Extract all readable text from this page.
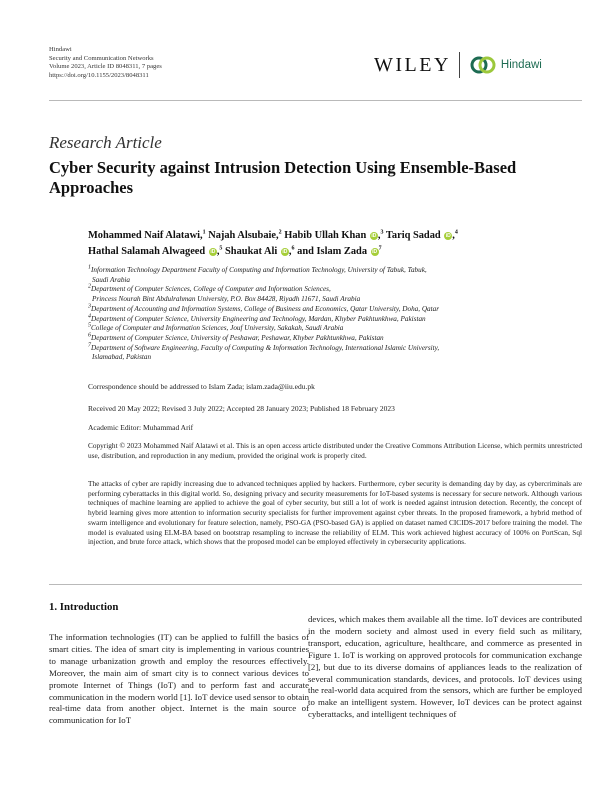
Hindawi
Security and Communication Networks
Volume 2023, Article ID 8048311, 7 pages
https://doi.org/10.1155/2023/8048311	WILEY	Hindawi
Research Article
Cyber Security against Intrusion Detection Using Ensemble-Based Approaches
Mohammed Naif Alatawi,$^1$ Najah Alsubaie,$^2$ Habib Ullah Khan iD ,$^3$ Tariq Sadad iD ,$^4$
Hathal Salamah Alwageed iD ,$^5$ Shaukat Ali iD ,$^6$ and Islam Zada $iD^7$
$^1$Information Technology Department Faculty of Computing and Information Technology, University of Tabuk, Tabuk,
Saudi Arabia
$^2$Department of Computer Sciences, College of Computer and Information Sciences,
Princess Nourah Bint Abdulrahman University, P.O. Box 84428, Riyadh 11671, Saudi Arabia
$^3$Department of Accounting and Information Systems, College of Business and Economics, Qatar University, Doha, Qatar
$^4$Department of Computer Science, University Engineering and Technology, Mardan, Khyber Pakhtunkhwa, Pakistan
$^5$College of Computer and Information Sciences, Jouf University, Sakakah, Saudi Arabia
$^6$Department of Computer Science, University of Peshawar, Peshawar, Khyber Pakhtunkhwa, Pakistan
$^7$Department of Software Engineering, Faculty of Computing & Information Technology, International Islamic University,
Islamabad, Pakistan
Correspondence should be addressed to Islam Zada; islam.zada@iiu.edu.pk
Received 20 May 2022; Revised 3 July 2022; Accepted 28 January 2023; Published 18 February 2023
Academic Editor: Muhammad Arif
Copyright © 2023 Mohammed Naif Alatawi et al. This is an open access article distributed under the Creative Commons Attribution License, which permits unrestricted use, distribution, and reproduction in any medium, provided the original work is properly cited.
The attacks of cyber are rapidly increasing due to advanced techniques applied by hackers. Furthermore, cyber security is demanding day by day, as cybercriminals are performing cyberattacks in this digital world. So, designing privacy and security measurements for IoT-based systems is necessary for secure network. Although various techniques of machine learning are applied to achieve the goal of cyber security, but still a lot of work is needed against intrusion detection. Recently, the concept of hybrid learning gives more attention to information security specialists for further improvement against cyber threats. In the proposed framework, a hybrid method of swarm intelligence and evolutionary for feature selection, namely, PSO-GA (PSO-based GA) is applied on dataset named CICIDS-2017 before training the model. The model is evaluated using ELM-BA based on bootstrap resampling to increase the reliability of ELM. This work achieved highest accuracy of 100% on PortScan, Sql injection, and brute force attack, which shows that the proposed model can be employed effectively in cybersecurity applications.
1. Introduction
The information technologies (IT) can be applied to fulfill the basics of smart cities. The idea of smart city is implementing in various countries to manage urbanization growth and employ the resources effectively. Moreover, the main aim of smart city is to connect various devices to promote Internet of Things (IoT) and to perform fast and accurate communication in the modern world [1]. IoT device used sensor to obtain real-time data from another object. Internet is the main source of communication for IoT
devices, which makes them available all the time. IoT devices are contributed in the modern society and almost used in every field such as military, transport, education, agriculture, healthcare, and commerce as presented in Figure 1. IoT is working on approved protocols for communication exchange [2], but due to its diverse domains of appliances leads to the realization of several communication standards, devices, and protocols. IoT devices using the real-world data acquired from the sensors, which are further be employed to make an intelligent system. However, IoT devices can be protect against cyberattacks, and intelligent techniques of
